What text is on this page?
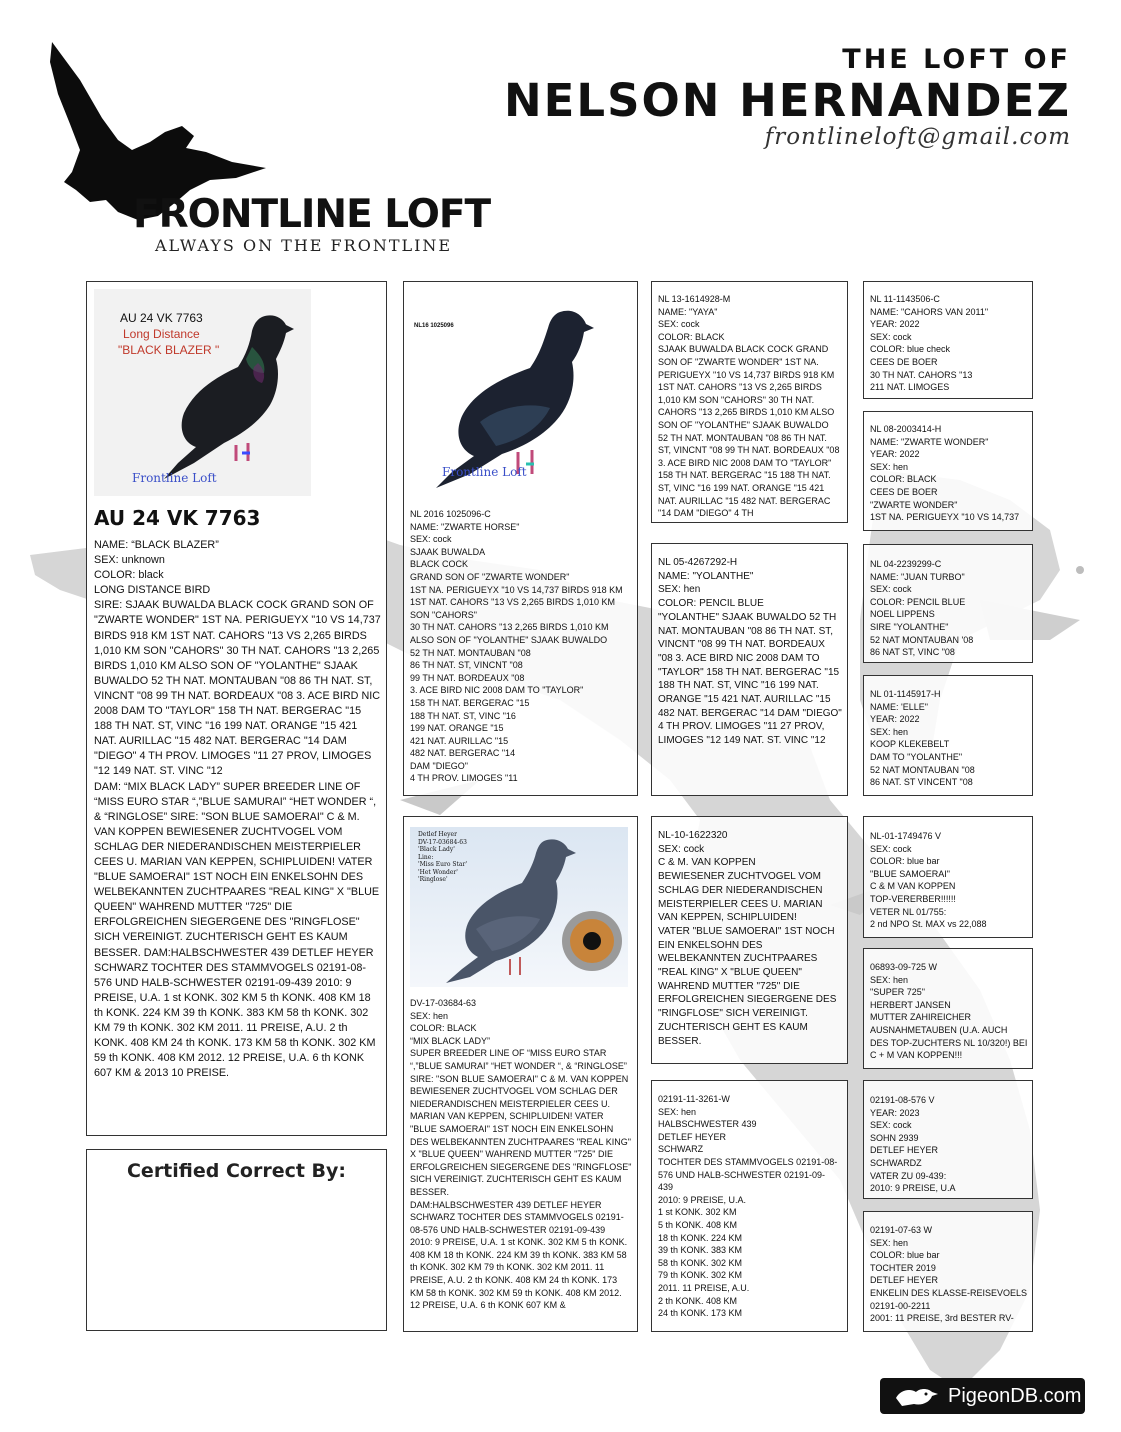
FRONTLINE LOFT
ALWAYS ON THE FRONTLINE
THE LOFT OF
NELSON HERNANDEZ
frontlineloft@gmail.com
AU 24 VK 7763
Long Distance
"BLACK BLAZER "
Frontline Loft
AU 24 VK 7763
NAME: “BLACK BLAZER”
SEX: unknown
COLOR: black
LONG DISTANCE BIRD
SIRE: SJAAK BUWALDA BLACK COCK GRAND SON OF "ZWARTE WONDER" 1ST NA. PERIGUEYX "10 VS 14,737 BIRDS 918 KM 1ST NAT. CAHORS "13 VS 2,265 BIRDS 1,010 KM SON "CAHORS" 30 TH NAT. CAHORS "13 2,265 BIRDS 1,010 KM ALSO SON OF "YOLANTHE" SJAAK BUWALDO 52 TH NAT. MONTAUBAN "08 86 TH NAT. ST, VINCNT "08 99 TH NAT. BORDEAUX "08 3. ACE BIRD NIC 2008 DAM TO "TAYLOR" 158 TH NAT. BERGERAC "15 188 TH NAT. ST, VINC "16 199 NAT. ORANGE "15 421 NAT. AURILLAC "15 482 NAT. BERGERAC "14 DAM "DIEGO" 4 TH PROV. LIMOGES "11 27 PROV, LIMOGES "12 149 NAT. ST. VINC "12
DAM: “MIX BLACK LADY” SUPER BREEDER LINE OF “MISS EURO STAR “,”BLUE SAMURAI” “HET WONDER “, & “RINGLOSE” SIRE: "SON BLUE SAMOERAI" C & M. VAN KOPPEN BEWIESENER ZUCHTVOGEL VOM SCHLAG DER NIEDERANDISCHEN MEISTERPIELER CEES U. MARIAN VAN KEPPEN, SCHIPLUIDEN! VATER "BLUE SAMOERAI" 1ST NOCH EIN ENKELSOHN DES WELBEKANNTEN ZUCHTPAARES "REAL KING" X "BLUE QUEEN" WAHREND MUTTER "725" DIE ERFOLGREICHEN SIEGERGENE DES "RINGFLOSE" SICH VEREINIGT. ZUCHTERISCH GEHT ES KAUM BESSER. DAM:HALBSCHWESTER 439 DETLEF HEYER SCHWARZ TOCHTER DES STAMMVOGELS 02191-08-576 UND HALB-SCHWESTER 02191-09-439 2010: 9 PREISE, U.A. 1 st KONK. 302 KM 5 th KONK. 408 KM 18 th KONK. 224 KM 39 th KONK. 383 KM 58 th KONK. 302 KM 79 th KONK. 302 KM 2011. 11 PREISE, A.U. 2 th KONK. 408 KM 24 th KONK. 173 KM 58 th KONK. 302 KM 59 th KONK. 408 KM 2012. 12 PREISE, U.A. 6 th KONK 607 KM & 2013 10 PREISE.
Certified Correct By:
NL16 1025096
Frontline Loft
NL 2016 1025096-C
NAME: "ZWARTE HORSE"
SEX: cock
SJAAK BUWALDA
BLACK COCK
GRAND SON OF "ZWARTE WONDER"
1ST NA. PERIGUEYX "10 VS 14,737 BIRDS 918 KM
1ST NAT. CAHORS "13 VS 2,265 BIRDS 1,010 KM
SON "CAHORS"
30 TH NAT. CAHORS "13 2,265 BIRDS 1,010 KM
ALSO SON OF "YOLANTHE" SJAAK BUWALDO
52 TH NAT. MONTAUBAN "08
86 TH NAT. ST, VINCNT "08
99 TH NAT. BORDEAUX "08
3. ACE BIRD NIC 2008 DAM TO "TAYLOR"
158 TH NAT. BERGERAC "15
188 TH NAT. ST, VINC "16
199 NAT. ORANGE "15
421 NAT. AURILLAC "15
482 NAT. BERGERAC "14
DAM "DIEGO"
4 TH PROV. LIMOGES "11
Detlef Heyer
DV-17-03684-63
'Black Lady'
Line:
'Miss Euro Star'
'Het Wonder'
'Ringlose'
DV-17-03684-63
SEX: hen
COLOR: BLACK
“MIX BLACK LADY”
SUPER BREEDER LINE OF “MISS EURO STAR “,”BLUE SAMURAI” “HET WONDER “, & “RINGLOSE”
SIRE: "SON BLUE SAMOERAI" C & M. VAN KOPPEN BEWIESENER ZUCHTVOGEL VOM SCHLAG DER NIEDERANDISCHEN MEISTERPIELER CEES U. MARIAN VAN KEPPEN, SCHIPLUIDEN! VATER "BLUE SAMOERAI" 1ST NOCH EIN ENKELSOHN DES WELBEKANNTEN ZUCHTPAARES "REAL KING" X "BLUE QUEEN" WAHREND MUTTER "725" DIE ERFOLGREICHEN SIEGERGENE DES "RINGFLOSE" SICH VEREINIGT. ZUCHTERISCH GEHT ES KAUM BESSER.
DAM:HALBSCHWESTER 439 DETLEF HEYER SCHWARZ TOCHTER DES STAMMVOGELS 02191-08-576 UND HALB-SCHWESTER 02191-09-439
2010: 9 PREISE, U.A. 1 st KONK. 302 KM 5 th KONK. 408 KM 18 th KONK. 224 KM 39 th KONK. 383 KM 58 th KONK. 302 KM 79 th KONK. 302 KM 2011. 11 PREISE, A.U. 2 th KONK. 408 KM 24 th KONK. 173 KM 58 th KONK. 302 KM 59 th KONK. 408 KM 2012. 12 PREISE, U.A. 6 th KONK 607 KM &
NL 13-1614928-M
NAME: "YAYA"
SEX: cock
COLOR: BLACK
SJAAK BUWALDA BLACK COCK GRAND SON OF "ZWARTE WONDER" 1ST NA. PERIGUEYX "10 VS 14,737 BIRDS 918 KM 1ST NAT. CAHORS "13 VS 2,265 BIRDS 1,010 KM SON "CAHORS" 30 TH NAT. CAHORS "13 2,265 BIRDS 1,010 KM ALSO SON OF "YOLANTHE" SJAAK BUWALDO 52 TH NAT. MONTAUBAN "08 86 TH NAT. ST, VINCNT "08 99 TH NAT. BORDEAUX "08 3. ACE BIRD NIC 2008 DAM TO "TAYLOR" 158 TH NAT. BERGERAC "15 188 TH NAT. ST, VINC "16 199 NAT. ORANGE "15 421 NAT. AURILLAC "15 482 NAT. BERGERAC "14 DAM "DIEGO" 4 TH
NL 05-4267292-H
NAME: "YOLANTHE"
SEX: hen
COLOR: PENCIL BLUE
"YOLANTHE" SJAAK BUWALDO 52 TH NAT. MONTAUBAN "08 86 TH NAT. ST, VINCNT "08 99 TH NAT. BORDEAUX "08 3. ACE BIRD NIC 2008 DAM TO "TAYLOR" 158 TH NAT. BERGERAC "15 188 TH NAT. ST, VINC "16 199 NAT. ORANGE "15 421 NAT. AURILLAC "15 482 NAT. BERGERAC "14 DAM "DIEGO" 4 TH PROV. LIMOGES "11 27 PROV, LIMOGES "12 149 NAT. ST. VINC "12
NL-10-1622320
SEX: cock
C & M. VAN KOPPEN
BEWIESENER ZUCHTVOGEL VOM SCHLAG DER NIEDERANDISCHEN MEISTERPIELER CEES U. MARIAN VAN KEPPEN, SCHIPLUIDEN!
VATER "BLUE SAMOERAI" 1ST NOCH EIN ENKELSOHN DES WELBEKANNTEN ZUCHTPAARES "REAL KING" X "BLUE QUEEN" WAHREND MUTTER "725" DIE ERFOLGREICHEN SIEGERGENE DES "RINGFLOSE" SICH VEREINIGT. ZUCHTERISCH GEHT ES KAUM BESSER.
02191-11-3261-W
SEX: hen
HALBSCHWESTER 439
DETLEF HEYER
SCHWARZ
TOCHTER DES STAMMVOGELS 02191-08-576 UND HALB-SCHWESTER 02191-09-439
2010: 9 PREISE, U.A.
1 st KONK. 302 KM
5 th KONK. 408 KM
18 th KONK. 224 KM
39 th KONK. 383 KM
58 th KONK. 302 KM
79 th KONK. 302 KM
2011. 11 PREISE, A.U.
2 th KONK. 408 KM
24 th KONK. 173 KM
NL 11-1143506-C
NAME: "CAHORS VAN 2011"
YEAR: 2022
SEX: cock
COLOR: blue check
CEES DE BOER
30 TH NAT. CAHORS "13
211 NAT. LIMOGES
NL 08-2003414-H
NAME: "ZWARTE WONDER"
YEAR: 2022
SEX: hen
COLOR: BLACK
CEES DE BOER
"ZWARTE WONDER"
1ST NA. PERIGUEYX "10 VS 14,737
NL 04-2239299-C
NAME: "JUAN TURBO"
SEX: cock
COLOR: PENCIL BLUE
NOEL LIPPENS
SIRE "YOLANTHE"
52 NAT MONTAUBAN '08
86 NAT ST, VINC "08
NL 01-1145917-H
NAME: 'ELLE"
YEAR: 2022
SEX: hen
KOOP KLEKEBELT
DAM TO "YOLANTHE"
52 NAT MONTAUBAN "08
86 NAT. ST VINCENT "08
NL-01-1749476 V
SEX: cock
COLOR: blue bar
"BLUE SAMOERAI"
C & M VAN KOPPEN
TOP-VERERBER!!!!!!
VETER NL 01/755:
2 nd NPO St. MAX vs 22,088
06893-09-725 W
SEX: hen
"SUPER 725"
HERBERT JANSEN
MUTTER ZAHIREICHER AUSNAHMETAUBEN (U.A. AUCH DES TOP-ZUCHTERS NL 10/320!) BEI C + M VAN KOPPEN!!!
02191-08-576 V
YEAR: 2023
SEX: cock
SOHN 2939
DETLEF HEYER
SCHWARDZ
VATER ZU 09-439:
2010: 9 PREISE, U.A
02191-07-63 W
SEX: hen
COLOR: blue bar
TOCHTER 2019
DETLEF HEYER
ENKELIN DES KLASSE-REISEVOELS 02191-00-2211
2001: 11 PREISE, 3rd BESTER RV-
PigeonDB.com
